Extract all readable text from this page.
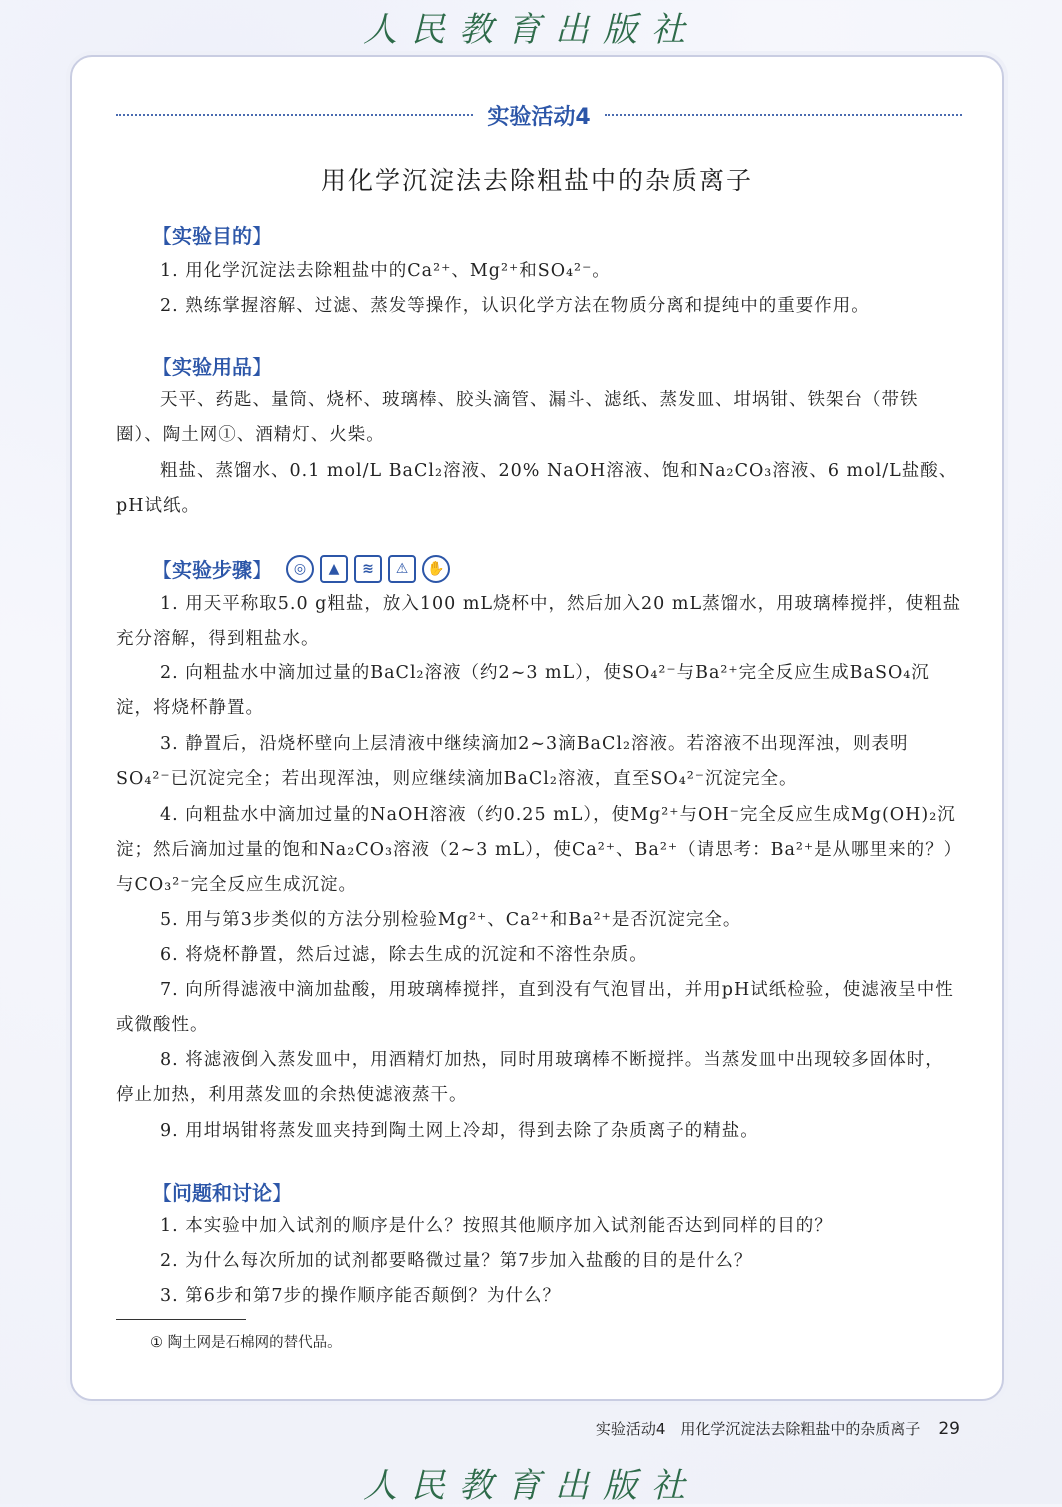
人民教育出版社
实验活动4
用化学沉淀法去除粗盐中的杂质离子
【 实验目的 】
1. 用化学沉淀法去除粗盐中的Ca²⁺、Mg²⁺和SO₄²⁻。
2. 熟练掌握溶解、过滤、蒸发等操作，认识化学方法在物质分离和提纯中的重要作用。
【 实验用品 】
天平、药匙、量筒、烧杯、玻璃棒、胶头滴管、漏斗、滤纸、蒸发皿、坩埚钳、铁架台（带铁圈）、陶土网①、酒精灯、火柴。
粗盐、蒸馏水、0.1 mol/L BaCl₂溶液、20% NaOH溶液、饱和Na₂CO₃溶液、6 mol/L盐酸、pH试纸。
【 实验步骤 】	◎	▲	≋	⚠	✋
1. 用天平称取5.0 g粗盐，放入100 mL烧杯中，然后加入20 mL蒸馏水，用玻璃棒搅拌，使粗盐充分溶解，得到粗盐水。
2. 向粗盐水中滴加过量的BaCl₂溶液（约2~3 mL），使SO₄²⁻与Ba²⁺完全反应生成BaSO₄沉淀，将烧杯静置。
3. 静置后，沿烧杯壁向上层清液中继续滴加2~3滴BaCl₂溶液。若溶液不出现浑浊，则表明SO₄²⁻已沉淀完全；若出现浑浊，则应继续滴加BaCl₂溶液，直至SO₄²⁻沉淀完全。
4. 向粗盐水中滴加过量的NaOH溶液（约0.25 mL），使Mg²⁺与OH⁻完全反应生成Mg(OH)₂沉淀；然后滴加过量的饱和Na₂CO₃溶液（2~3 mL），使Ca²⁺、Ba²⁺（请思考：Ba²⁺是从哪里来的？）与CO₃²⁻完全反应生成沉淀。
5. 用与第3步类似的方法分别检验Mg²⁺、Ca²⁺和Ba²⁺是否沉淀完全。
6. 将烧杯静置，然后过滤，除去生成的沉淀和不溶性杂质。
7. 向所得滤液中滴加盐酸，用玻璃棒搅拌，直到没有气泡冒出，并用pH试纸检验，使滤液呈中性或微酸性。
8. 将滤液倒入蒸发皿中，用酒精灯加热，同时用玻璃棒不断搅拌。当蒸发皿中出现较多固体时，停止加热，利用蒸发皿的余热使滤液蒸干。
9. 用坩埚钳将蒸发皿夹持到陶土网上冷却，得到去除了杂质离子的精盐。
【 问题和讨论 】
1. 本实验中加入试剂的顺序是什么？按照其他顺序加入试剂能否达到同样的目的？
2. 为什么每次所加的试剂都要略微过量？第7步加入盐酸的目的是什么？
3. 第6步和第7步的操作顺序能否颠倒？为什么？
① 陶土网是石棉网的替代品。
实验活动4　用化学沉淀法去除粗盐中的杂质离子 29
人民教育出版社
